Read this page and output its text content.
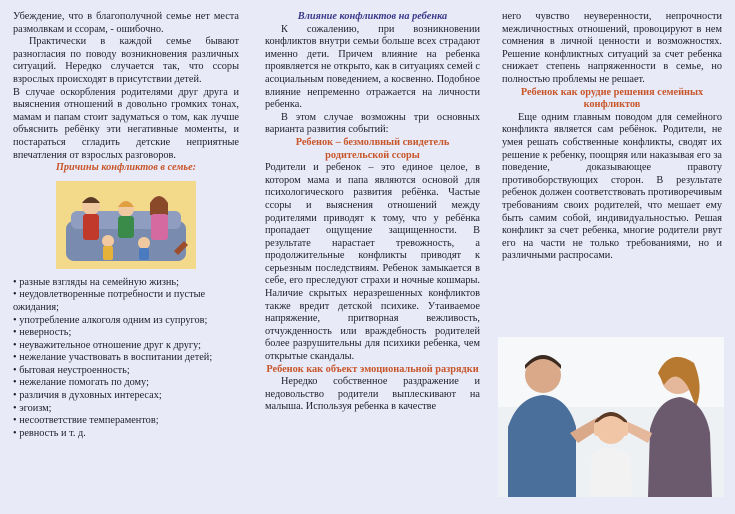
Убеждение, что в благополучной семье нет места размолвкам и ссорам, - ошибочно.

Практически в каждой семье бывают разногласия по поводу возникновения различных ситуаций. Нередко случается так, что ссоры взрослых происходят в присутствии детей.

В случае оскорбления родителями друг друга и выяснения отношений в довольно громких тонах, мамам и папам стоит задуматься о том, как лучше объяснить ребёнку эти негативные моменты, и постараться сгладить детские неприятные впечатления от взрослых разговоров.

Причины конфликтов в семье:

• разные взгляды на семейную жизнь;
• неудовлетворенные потребности и пустые ожидания;
• употребление алкоголя одним из супругов;
• неверность;
• неуважительное отношение друг к другу;
• нежелание участвовать в воспитании детей;
• бытовая неустроенность;
• нежелание помогать по дому;
• различия в духовных интересах;
• эгоизм;
• несоответствие темпераментов;
• ревность и т. д.

Влияние конфликтов на ребенка

К сожалению, при возникновении конфликтов внутри семьи больше всех страдают именно дети. Причем влияние на ребенка проявляется не открыто, как в ситуациях семей с асоциальным поведением, а косвенно. Подобное влияние непременно отражается на личности ребенка.

В этом случае возможны три основных варианта развития событий:

Ребенок – безмолвный свидетель родительской ссоры

Родители и ребенок – это единое целое, в котором мама и папа являются основой для психологического развития ребёнка. Частые ссоры и выяснения отношений между родителями приводят к тому, что у ребёнка пропадает ощущение защищенности. В результате нарастает тревожность, а продолжительные конфликты приводят к серьезным последствиям. Ребенок замыкается в себе, его преследуют страхи и ночные кошмары. Наличие скрытых неразрешенных конфликтов также вредит детской психике. Утаиваемое напряжение, притворная вежливость, отчужденность или враждебность родителей более разрушительны для психики ребенка, чем открытые скандалы.

Ребенок как объект эмоциональной разрядки

Нередко собственное раздражение и недовольство родители выплескивают на малыша. Используя ребенка в качестве

него чувство неуверенности, непрочности межличностных отношений, провоцируют в нем сомнения в личной ценности и возможностях. Решение конфликтных ситуаций за счет ребенка снижает степень напряженности в семье, но полностью проблемы не решает.

Ребенок как орудие решения семейных конфликтов

Еще одним главным поводом для семейного конфликта является сам ребёнок. Родители, не умея решать собственные конфликты, сводят их решение к ребенку, поощряя или наказывая его за поведение, доказывающее правоту противоборствующих сторон. В результате ребенок должен соответствовать противоречивым требованиям своих родителей, что мешает ему быть самим собой, индивидуальностью. Решая конфликт за счет ребенка, многие родители рвут его на части не только требованиями, но и различными распросами.
